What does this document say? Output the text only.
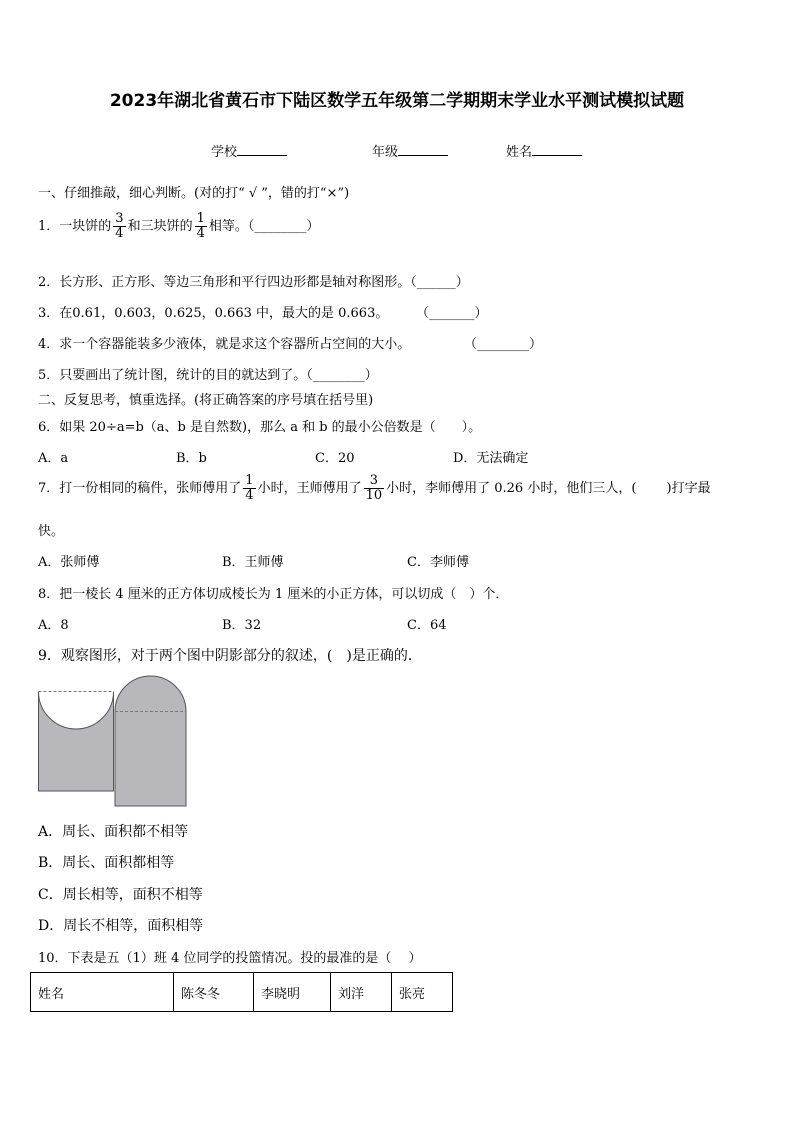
2023年湖北省黄石市下陆区数学五年级第二学期期末学业水平测试模拟试题
学校	年级	姓名
一、仔细推敲，细心判断。(对的打“ √ ”，错的打“×”)
1．一块饼的 $\frac{3}{4}$ 和三块饼的 $\frac{1}{4}$ 相等。（________）
2．长方形、正方形、等边三角形和平行四边形都是轴对称图形。（______）
3．在0.61，0.603，0.625，0.663 中，最大的是 0.663。 （_______）
4．求一个容器能装多少液体，就是求这个容器所占空间的大小。	（________）
5．只要画出了统计图，统计的目的就达到了。（________）
二、反复思考，慎重选择。(将正确答案的序号填在括号里)
6．如果 20÷a=b（a、b 是自然数)，那么 a 和 b 的最小公倍数是（　　）。
A．a	B．b	C．20	D．无法确定
7．打一份相同的稿件，张师傅用了 $\frac{1}{4}$ 小时，王师傅用了 $\frac{3}{10}$ 小时，李师傅用了 0.26 小时，他们三人，(　　 )打字最
快。
A．张师傅	B．王师傅	C．李师傅
8．把一棱长 4 厘米的正方体切成棱长为 1 厘米的小正方体，可以切成（　）个．
A．8	B．32	C．64
9．观察图形，对于两个图中阴影部分的叙述，(　)是正确的．
A．周长、面积都不相等
B．周长、面积都相等
C．周长相等，面积不相等
D．周长不相等，面积相等
10．下表是五（1）班 4 位同学的投篮情况。投的最准的是（　 ）
姓名	陈冬冬	李晓明	刘洋	张亮
